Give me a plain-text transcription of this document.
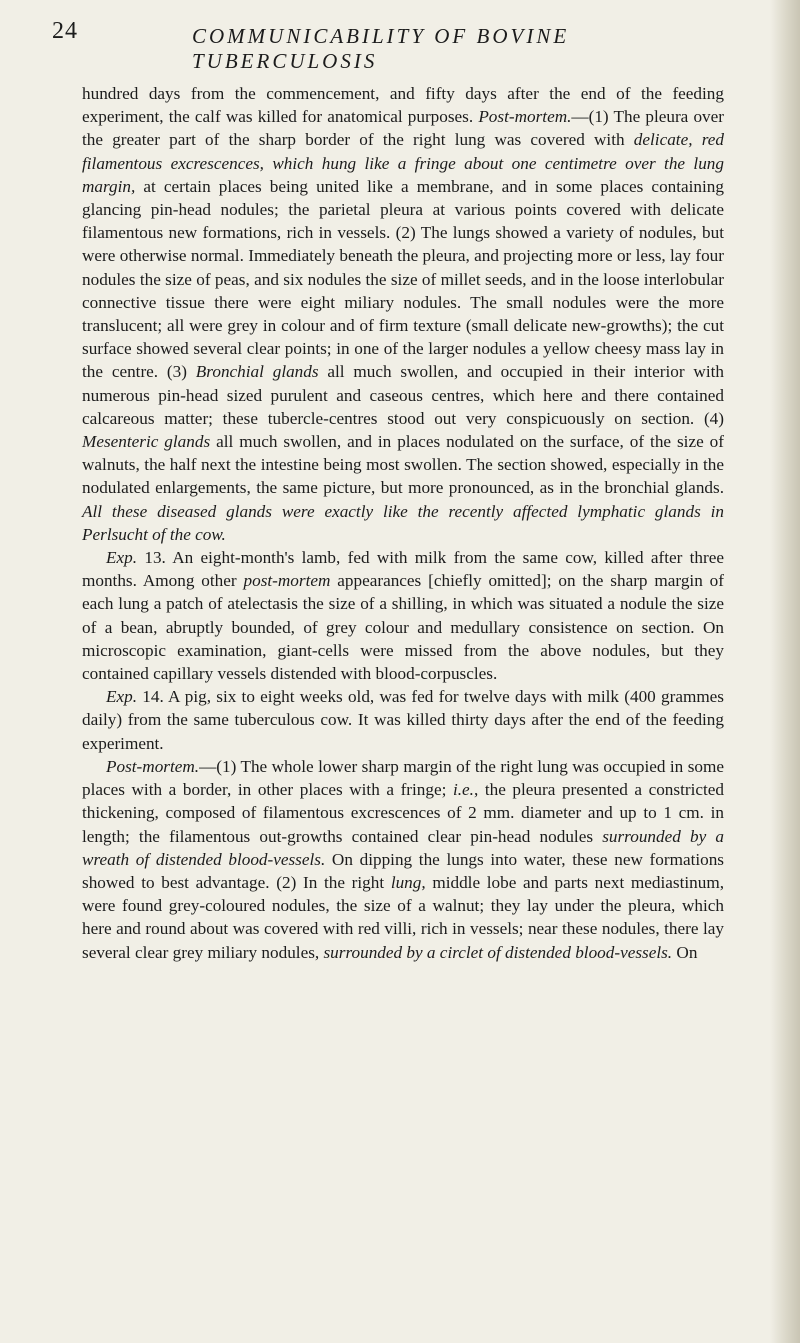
24	COMMUNICABILITY OF BOVINE TUBERCULOSIS

hundred days from the commencement, and fifty days after the end of the feeding experiment, the calf was killed for anatomical purposes. Post-mortem.—(1) The pleura over the greater part of the sharp border of the right lung was covered with delicate, red filamentous excrescences, which hung like a fringe about one centimetre over the lung margin, at certain places being united like a membrane, and in some places containing glancing pin-head nodules; the parietal pleura at various points covered with delicate filamentous new formations, rich in vessels. (2) The lungs showed a variety of nodules, but were otherwise normal. Immediately beneath the pleura, and projecting more or less, lay four nodules the size of peas, and six nodules the size of millet seeds, and in the loose interlobular connective tissue there were eight miliary nodules. The small nodules were the more translucent; all were grey in colour and of firm texture (small delicate new-growths); the cut surface showed several clear points; in one of the larger nodules a yellow cheesy mass lay in the centre. (3) Bronchial glands all much swollen, and occupied in their interior with numerous pin-head sized purulent and caseous centres, which here and there contained calcareous matter; these tubercle-centres stood out very conspicuously on section. (4) Mesenteric glands all much swollen, and in places nodulated on the surface, of the size of walnuts, the half next the intestine being most swollen. The section showed, especially in the nodulated enlargements, the same picture, but more pronounced, as in the bronchial glands. All these diseased glands were exactly like the recently affected lymphatic glands in Perlsucht of the cow.

Exp. 13. An eight-month's lamb, fed with milk from the same cow, killed after three months. Among other post-mortem appearances [chiefly omitted]; on the sharp margin of each lung a patch of atelectasis the size of a shilling, in which was situated a nodule the size of a bean, abruptly bounded, of grey colour and medullary consistence on section. On microscopic examination, giant-cells were missed from the above nodules, but they contained capillary vessels distended with blood-corpuscles.

Exp. 14. A pig, six to eight weeks old, was fed for twelve days with milk (400 grammes daily) from the same tuberculous cow. It was killed thirty days after the end of the feeding experiment.

Post-mortem.—(1) The whole lower sharp margin of the right lung was occupied in some places with a border, in other places with a fringe; i.e., the pleura presented a constricted thickening, composed of filamentous excrescences of 2 mm. diameter and up to 1 cm. in length; the filamentous out-growths contained clear pin-head nodules surrounded by a wreath of distended blood-vessels. On dipping the lungs into water, these new formations showed to best advantage. (2) In the right lung, middle lobe and parts next mediastinum, were found grey-coloured nodules, the size of a walnut; they lay under the pleura, which here and round about was covered with red villi, rich in vessels; near these nodules, there lay several clear grey miliary nodules, surrounded by a circlet of distended blood-vessels. On
